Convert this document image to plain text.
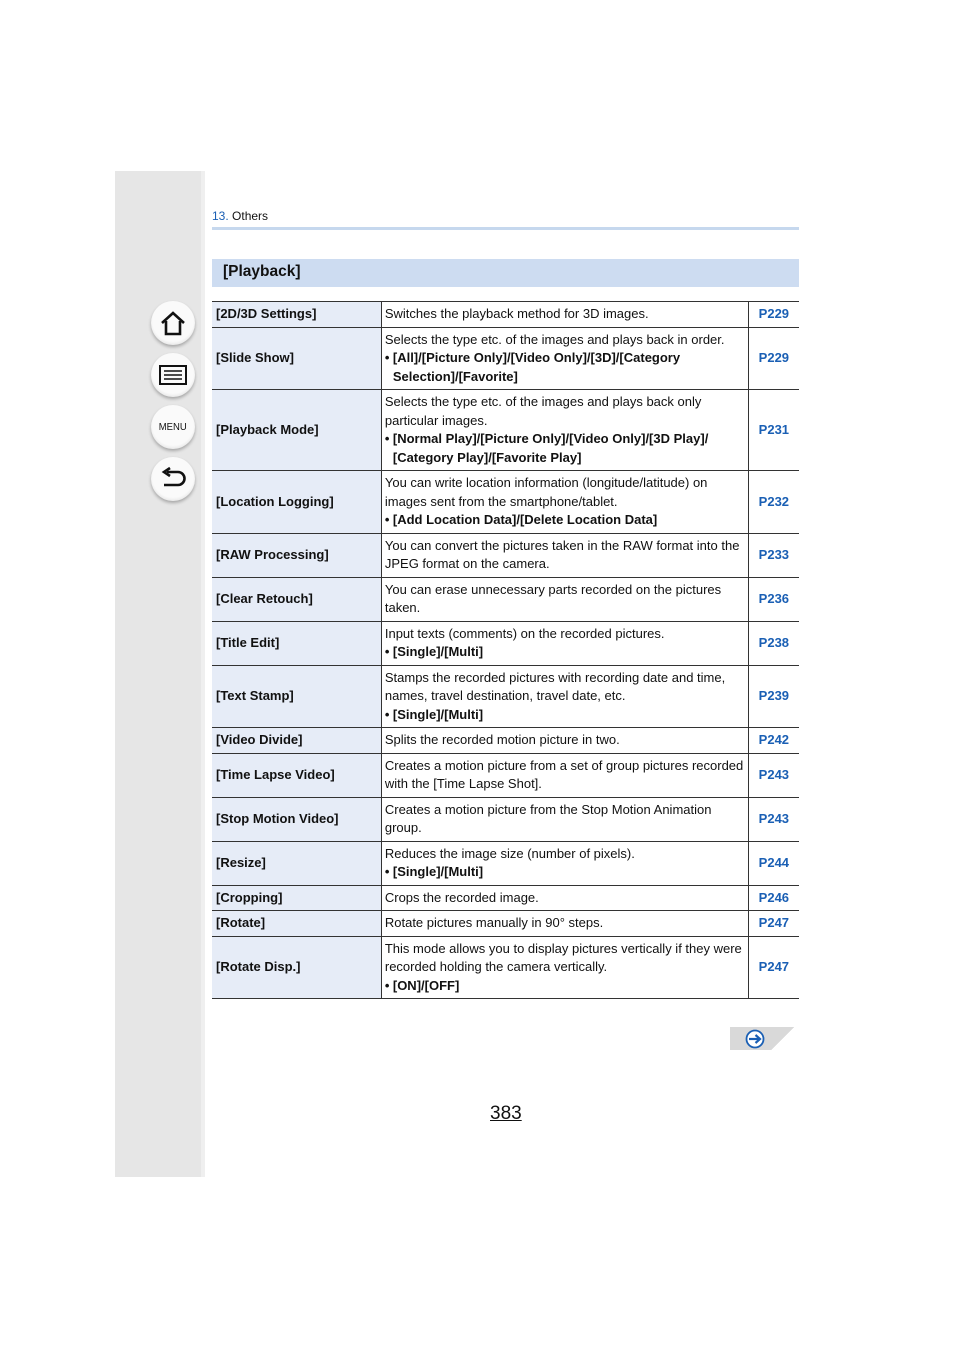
MENU
13. Others
[Playback]
[2D/3D Settings]	Switches the playback method for 3D images.	P229
[Slide Show]	Selects the type etc. of the images and plays back in order.
• [All]/[Picture Only]/[Video Only]/[3D]/[Category Selection]/[Favorite]	P229
[Playback Mode]	Selects the type etc. of the images and plays back only particular images.
• [Normal Play]/[Picture Only]/[Video Only]/[3D Play]/ [Category Play]/[Favorite Play]	P231
[Location Logging]	You can write location information (longitude/latitude) on images sent from the smartphone/tablet.
• [Add Location Data]/[Delete Location Data]	P232
[RAW Processing]	You can convert the pictures taken in the RAW format into the JPEG format on the camera.	P233
[Clear Retouch]	You can erase unnecessary parts recorded on the pictures taken.	P236
[Title Edit]	Input texts (comments) on the recorded pictures.
• [Single]/[Multi]	P238
[Text Stamp]	Stamps the recorded pictures with recording date and time, names, travel destination, travel date, etc.
• [Single]/[Multi]	P239
[Video Divide]	Splits the recorded motion picture in two.	P242
[Time Lapse Video]	Creates a motion picture from a set of group pictures recorded with the [Time Lapse Shot].	P243
[Stop Motion Video]	Creates a motion picture from the Stop Motion Animation group.	P243
[Resize]	Reduces the image size (number of pixels).
• [Single]/[Multi]	P244
[Cropping]	Crops the recorded image.	P246
[Rotate]	Rotate pictures manually in 90° steps.	P247
[Rotate Disp.]	This mode allows you to display pictures vertically if they were recorded holding the camera vertically.
• [ON]/[OFF]	P247
383
